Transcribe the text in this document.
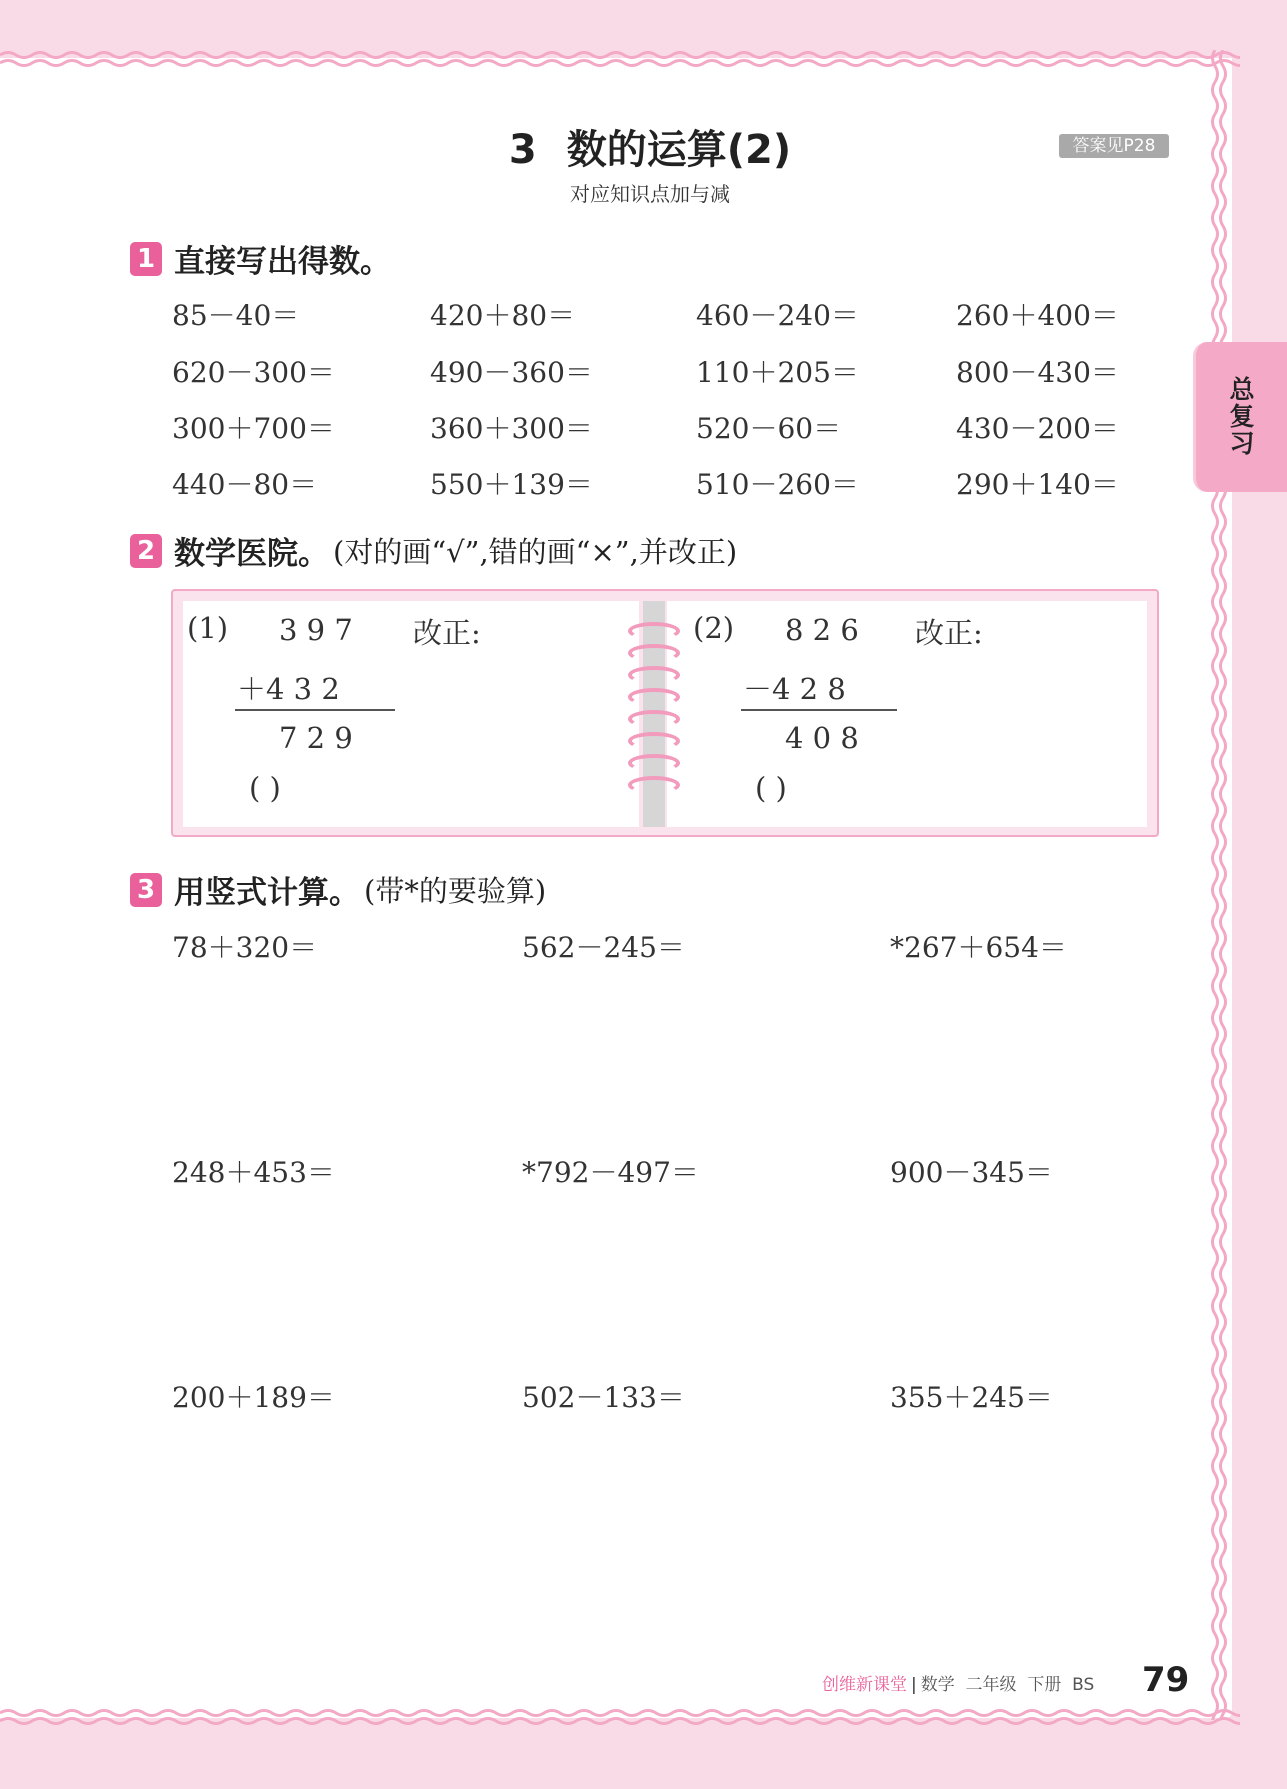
3 数的运算(2)
对应知识点加与减
答案见P28
总复习
1 直接写出得数。
85－40＝	420＋80＝	460－240＝	260＋400＝
620－300＝	490－360＝	110＋205＝	800－430＝
300＋700＝	360＋300＝	520－60＝	430－200＝
440－80＝	550＋139＝	510－260＝	290＋140＝
2 数学医院。 (对的画“√”,错的画“×”,并改正)
(1) 3 9 7 改正:
＋4 3 2
7 2 9
( )
(2) 8 2 6 改正:
－4 2 8
4 0 8
( )
3 用竖式计算。 (带*的要验算)
78＋320＝	562－245＝	*267＋654＝
248＋453＝	*792－497＝	900－345＝
200＋189＝	502－133＝	355＋245＝
创维新课堂 | 数学 二年级 下册 BS 79
